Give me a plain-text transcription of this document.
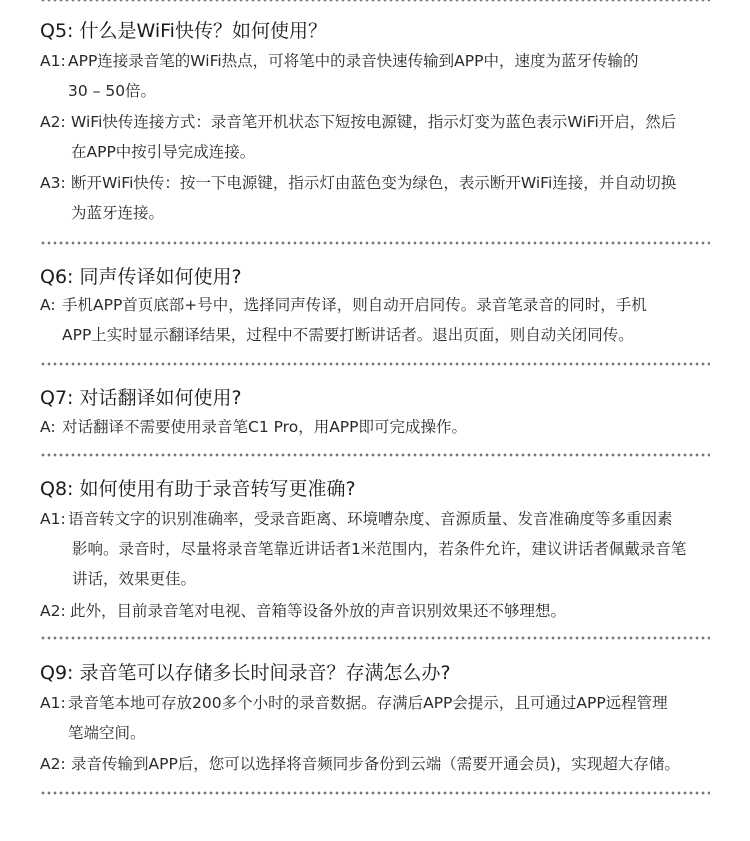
Q5: 什么是WiFi快传？如何使用？
A1: APP连接录音笔的WiFi热点，可将笔中的录音快速传输到APP中，速度为蓝牙传输的
30 – 50倍。
A2: WiFi快传连接方式：录音笔开机状态下短按电源键，指示灯变为蓝色表示WiFi开启，然后
在APP中按引导完成连接。
A3: 断开WiFi快传：按一下电源键，指示灯由蓝色变为绿色，表示断开WiFi连接，并自动切换
为蓝牙连接。
Q6: 同声传译如何使用?
A: 手机APP首页底部+号中，选择同声传译，则自动开启同传。录音笔录音的同时，手机
APP上实时显示翻译结果，过程中不需要打断讲话者。退出页面，则自动关闭同传。
Q7: 对话翻译如何使用?
A: 对话翻译不需要使用录音笔C1 Pro，用APP即可完成操作。
Q8: 如何使用有助于录音转写更准确?
A1: 语音转文字的识别准确率，受录音距离、环境嘈杂度、音源质量、发音准确度等多重因素
影响。录音时，尽量将录音笔靠近讲话者1米范围内，若条件允许，建议讲话者佩戴录音笔
讲话，效果更佳。
A2: 此外，目前录音笔对电视、音箱等设备外放的声音识别效果还不够理想。
Q9: 录音笔可以存储多长时间录音？存满怎么办?
A1: 录音笔本地可存放200多个小时的录音数据。存满后APP会提示，且可通过APP远程管理
笔端空间。
A2: 录音传输到APP后，您可以选择将音频同步备份到云端（需要开通会员)，实现超大存储。
